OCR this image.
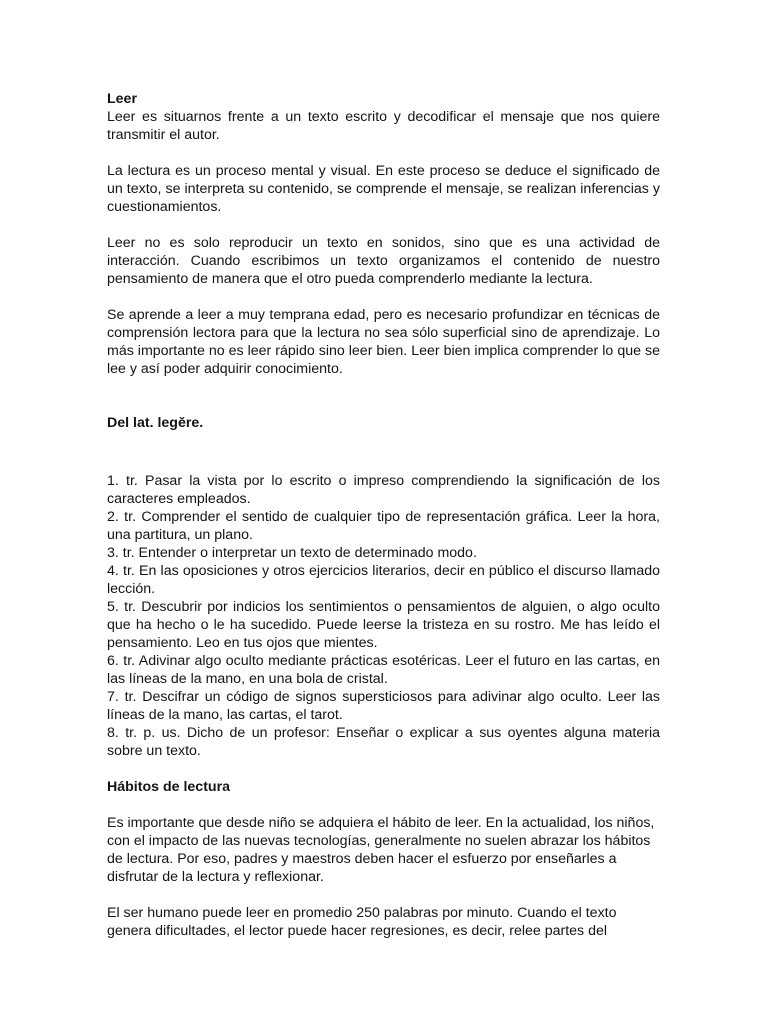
Leer

Leer es situarnos frente a un texto escrito y decodificar el mensaje que nos quiere transmitir el autor.

La lectura es un proceso mental y visual. En este proceso se deduce el significado de un texto, se interpreta su contenido, se comprende el mensaje, se realizan inferencias y cuestionamientos.

Leer no es solo reproducir un texto en sonidos, sino que es una actividad de interacción. Cuando escribimos un texto organizamos el contenido de nuestro pensamiento de manera que el otro pueda comprenderlo mediante la lectura.

Se aprende a leer a muy temprana edad, pero es necesario profundizar en técnicas de comprensión lectora para que la lectura no sea sólo superficial sino de aprendizaje. Lo más importante no es leer rápido sino leer bien. Leer bien implica comprender lo que se lee y así poder adquirir conocimiento.

Del lat. legĕre.
1. tr. Pasar la vista por lo escrito o impreso comprendiendo la significación de los caracteres empleados.
2. tr. Comprender el sentido de cualquier tipo de representación gráfica. Leer la hora, una partitura, un plano.
3. tr. Entender o interpretar un texto de determinado modo.
4. tr. En las oposiciones y otros ejercicios literarios, decir en público el discurso llamado lección.
5. tr. Descubrir por indicios los sentimientos o pensamientos de alguien, o algo oculto que ha hecho o le ha sucedido. Puede leerse la tristeza en su rostro. Me has leído el pensamiento. Leo en tus ojos que mientes.
6. tr. Adivinar algo oculto mediante prácticas esotéricas. Leer el futuro en las cartas, en las líneas de la mano, en una bola de cristal.
7. tr. Descifrar un código de signos supersticiosos para adivinar algo oculto. Leer las líneas de la mano, las cartas, el tarot.
8. tr. p. us. Dicho de un profesor: Enseñar o explicar a sus oyentes alguna materia sobre un texto.
Hábitos de lectura

Es importante que desde niño se adquiera el hábito de leer. En la actualidad, los niños, con el impacto de las nuevas tecnologías, generalmente no suelen abrazar los hábitos de lectura. Por eso, padres y maestros deben hacer el esfuerzo por enseñarles a disfrutar de la lectura y reflexionar.

El ser humano puede leer en promedio 250 palabras por minuto. Cuando el texto genera dificultades, el lector puede hacer regresiones, es decir, relee partes del
